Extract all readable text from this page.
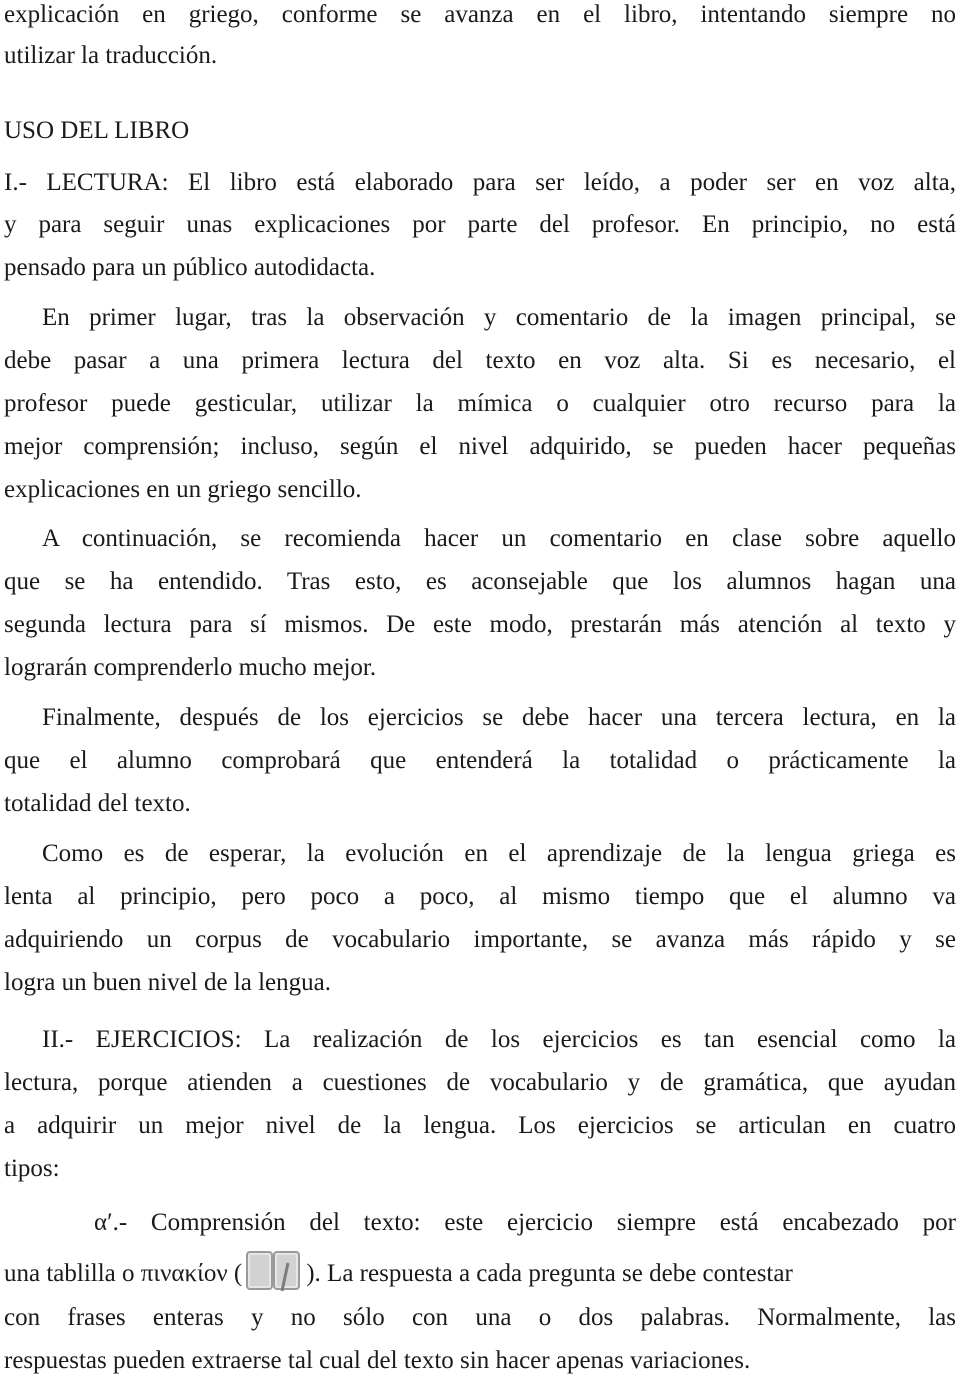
explicación en griego, conforme se avanza en el libro, intentando siempre no
utilizar la traducción.
USO DEL LIBRO
I.- LECTURA: El libro está elaborado para ser leído, a poder ser en voz alta,
y para seguir unas explicaciones por parte del profesor. En principio, no está
pensado para un público autodidacta.
En primer lugar, tras la observación y comentario de la imagen principal, se
debe pasar a una primera lectura del texto en voz alta. Si es necesario, el
profesor puede gesticular, utilizar la mímica o cualquier otro recurso para la
mejor comprensión; incluso, según el nivel adquirido, se pueden hacer pequeñas
explicaciones en un griego sencillo.
A continuación, se recomienda hacer un comentario en clase sobre aquello
que se ha entendido. Tras esto, es aconsejable que los alumnos hagan una
segunda lectura para sí mismos. De este modo, prestarán más atención al texto y
lograrán comprenderlo mucho mejor.
Finalmente, después de los ejercicios se debe hacer una tercera lectura, en la
que el alumno comprobará que entenderá la totalidad o prácticamente la
totalidad del texto.
Como es de esperar, la evolución en el aprendizaje de la lengua griega es
lenta al principio, pero poco a poco, al mismo tiempo que el alumno va
adquiriendo un corpus de vocabulario importante, se avanza más rápido y se
logra un buen nivel de la lengua.
II.- EJERCICIOS: La realización de los ejercicios es tan esencial como la
lectura, porque atienden a cuestiones de vocabulario y de gramática, que ayudan
a adquirir un mejor nivel de la lengua. Los ejercicios se articulan en cuatro
tipos:
α′.- Comprensión del texto: este ejercicio siempre está encabezado por
una tablilla o πινακίον (	). La respuesta a cada pregunta se debe contestar
con frases enteras y no sólo con una o dos palabras. Normalmente, las
respuestas pueden extraerse tal cual del texto sin hacer apenas variaciones.
